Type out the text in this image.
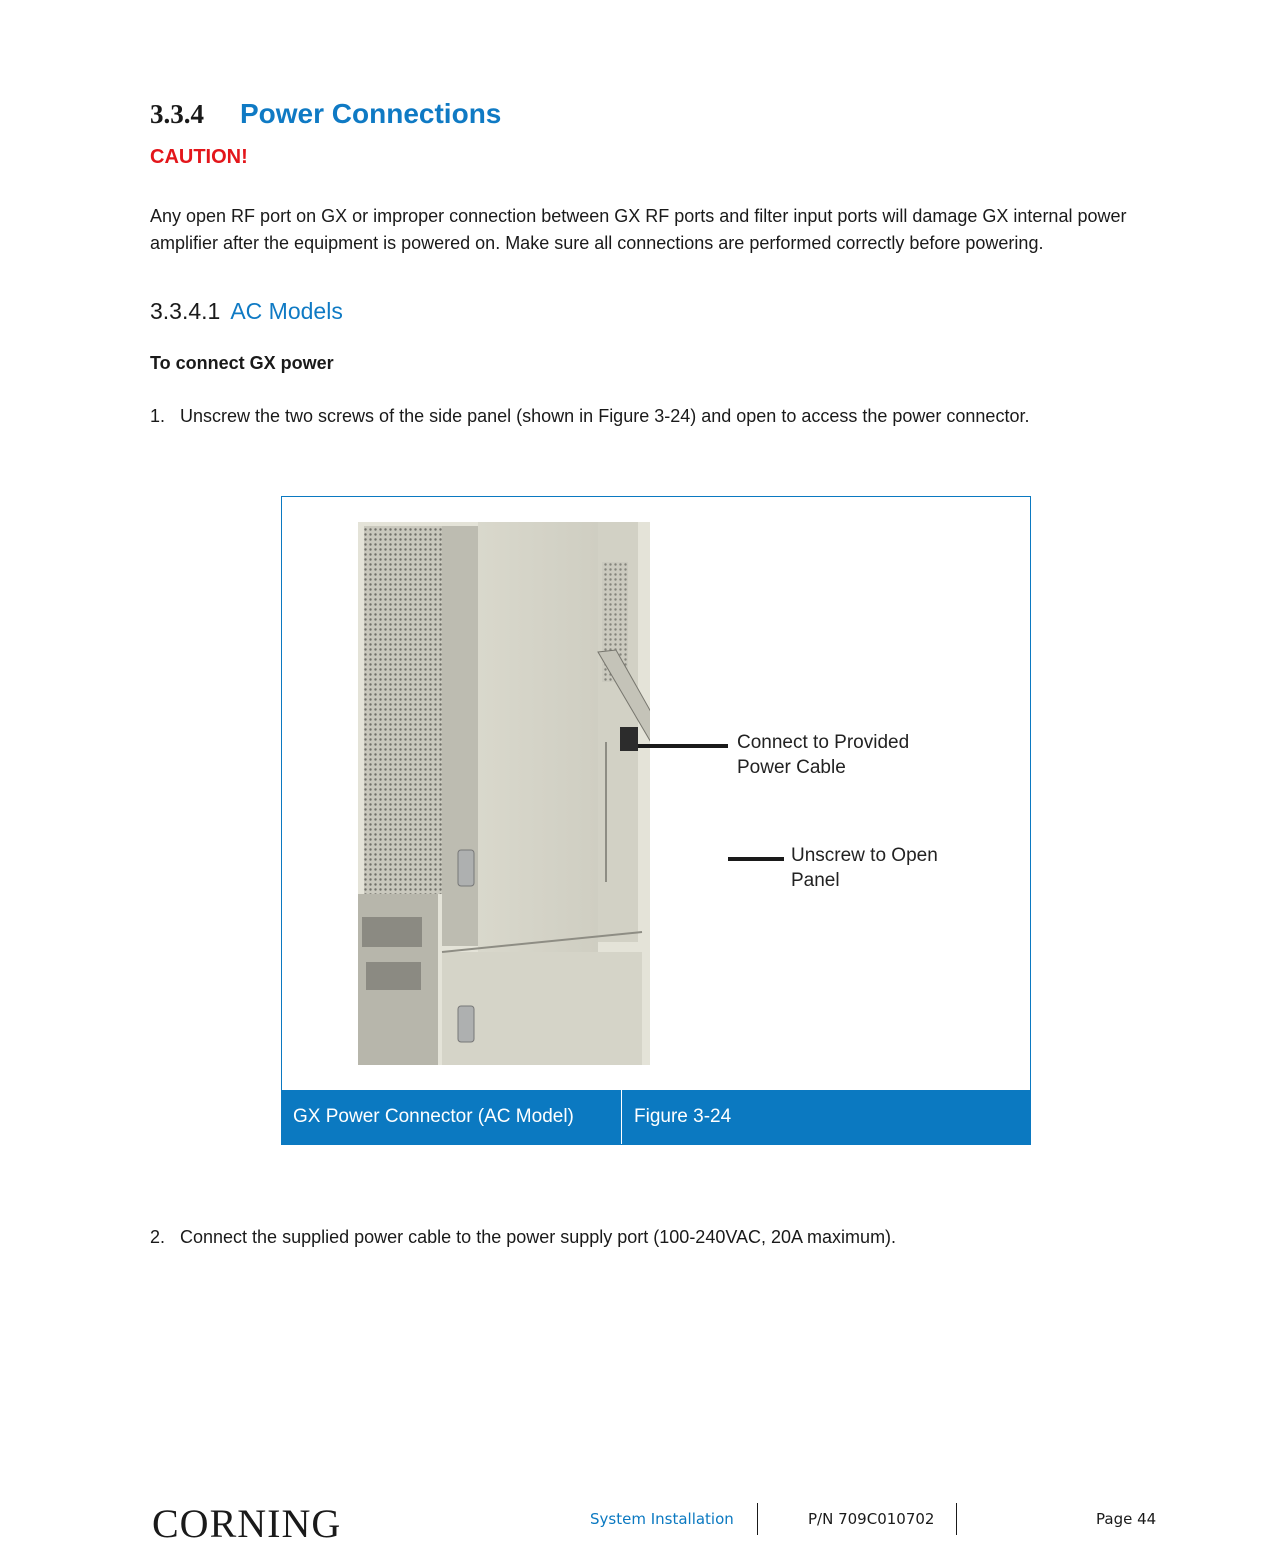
3.3.4	Power Connections
CAUTION!
Any open RF port on GX or improper connection between GX RF ports and filter input ports will damage GX internal power amplifier after the equipment is powered on. Make sure all connections are performed correctly before powering.
3.3.4.1 AC Models
To connect GX power
1. Unscrew the two screws of the side panel (shown in Figure 3-24) and open to access the power connector.
Connect to Provided
Power Cable
Unscrew to Open
Panel
GX Power Connector (AC Model)	Figure 3-24
2. Connect the supplied power cable to the power supply port (100-240VAC, 20A maximum).
CORNING	System Installation	P/N 709C010702	Page 44
